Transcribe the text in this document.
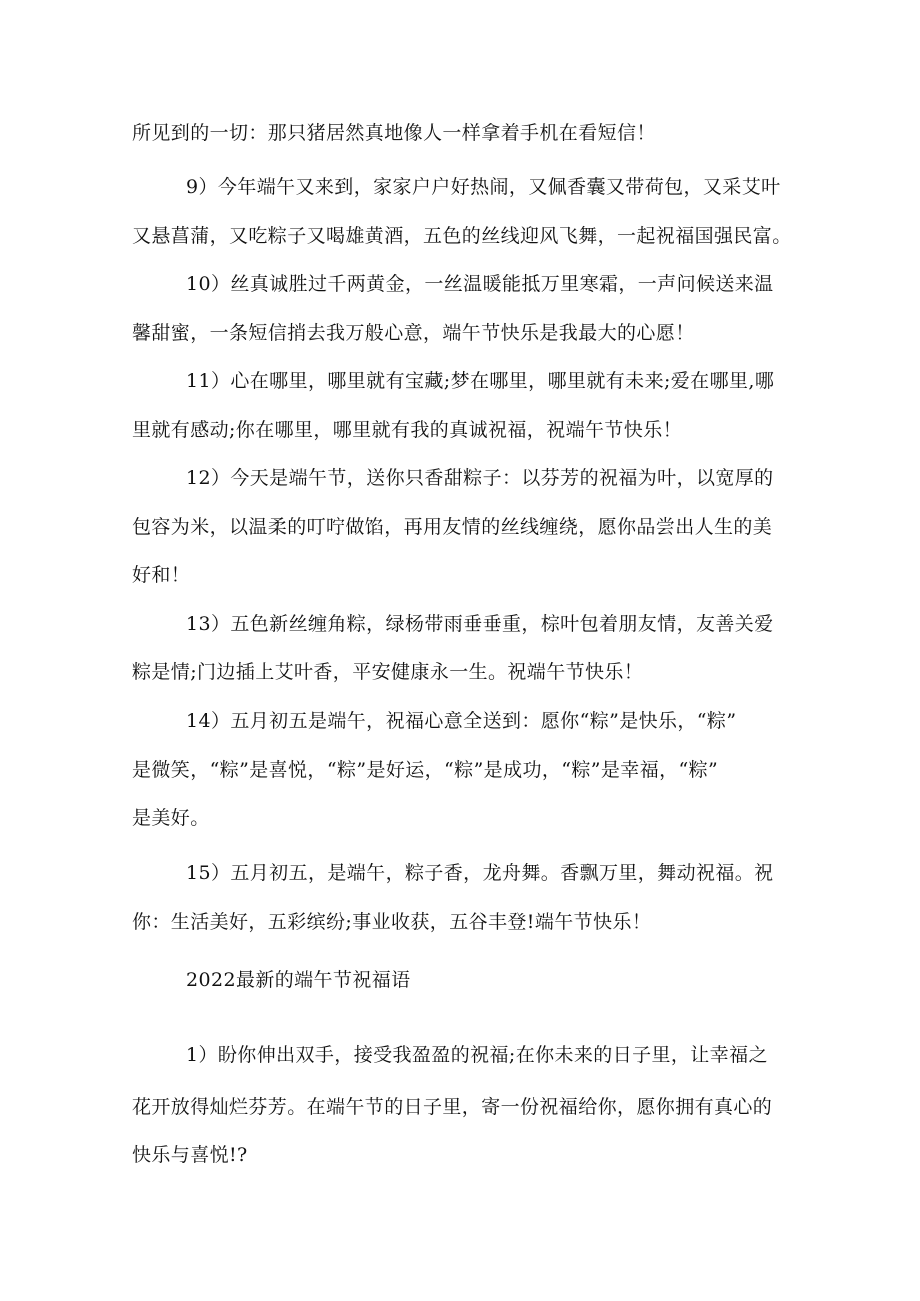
所见到的一切：那只猪居然真地像人一样拿着手机在看短信！
9）今年端午又来到，家家户户好热闹，又佩香囊又带荷包，又采艾叶
又悬菖蒲，又吃粽子又喝雄黄酒，五色的丝线迎风飞舞，一起祝福国强民富。
10）丝真诚胜过千两黄金，一丝温暖能抵万里寒霜，一声问候送来温
馨甜蜜，一条短信捎去我万般心意，端午节快乐是我最大的心愿！
11）心在哪里，哪里就有宝藏;梦在哪里，哪里就有未来;爱在哪里,哪
里就有感动;你在哪里，哪里就有我的真诚祝福，祝端午节快乐！
12）今天是端午节，送你只香甜粽子：以芬芳的祝福为叶，以宽厚的
包容为米，以温柔的叮咛做馅，再用友情的丝线缠绕，愿你品尝出人生的美
好和！
13）五色新丝缠角粽，绿杨带雨垂垂重，棕叶包着朋友情，友善关爱
粽是情;门边插上艾叶香，平安健康永一生。祝端午节快乐！
14）五月初五是端午，祝福心意全送到：愿你“粽”是快乐，“粽”
是微笑，“粽”是喜悦，“粽”是好运，“粽”是成功，“粽”是幸福，“粽”
是美好。
15）五月初五，是端午，粽子香，龙舟舞。香飘万里，舞动祝福。祝
你：生活美好，五彩缤纷;事业收获，五谷丰登!端午节快乐！
2022最新的端午节祝福语
1）盼你伸出双手，接受我盈盈的祝福;在你未来的日子里，让幸福之
花开放得灿烂芬芳。在端午节的日子里，寄一份祝福给你，愿你拥有真心的
快乐与喜悦!?
